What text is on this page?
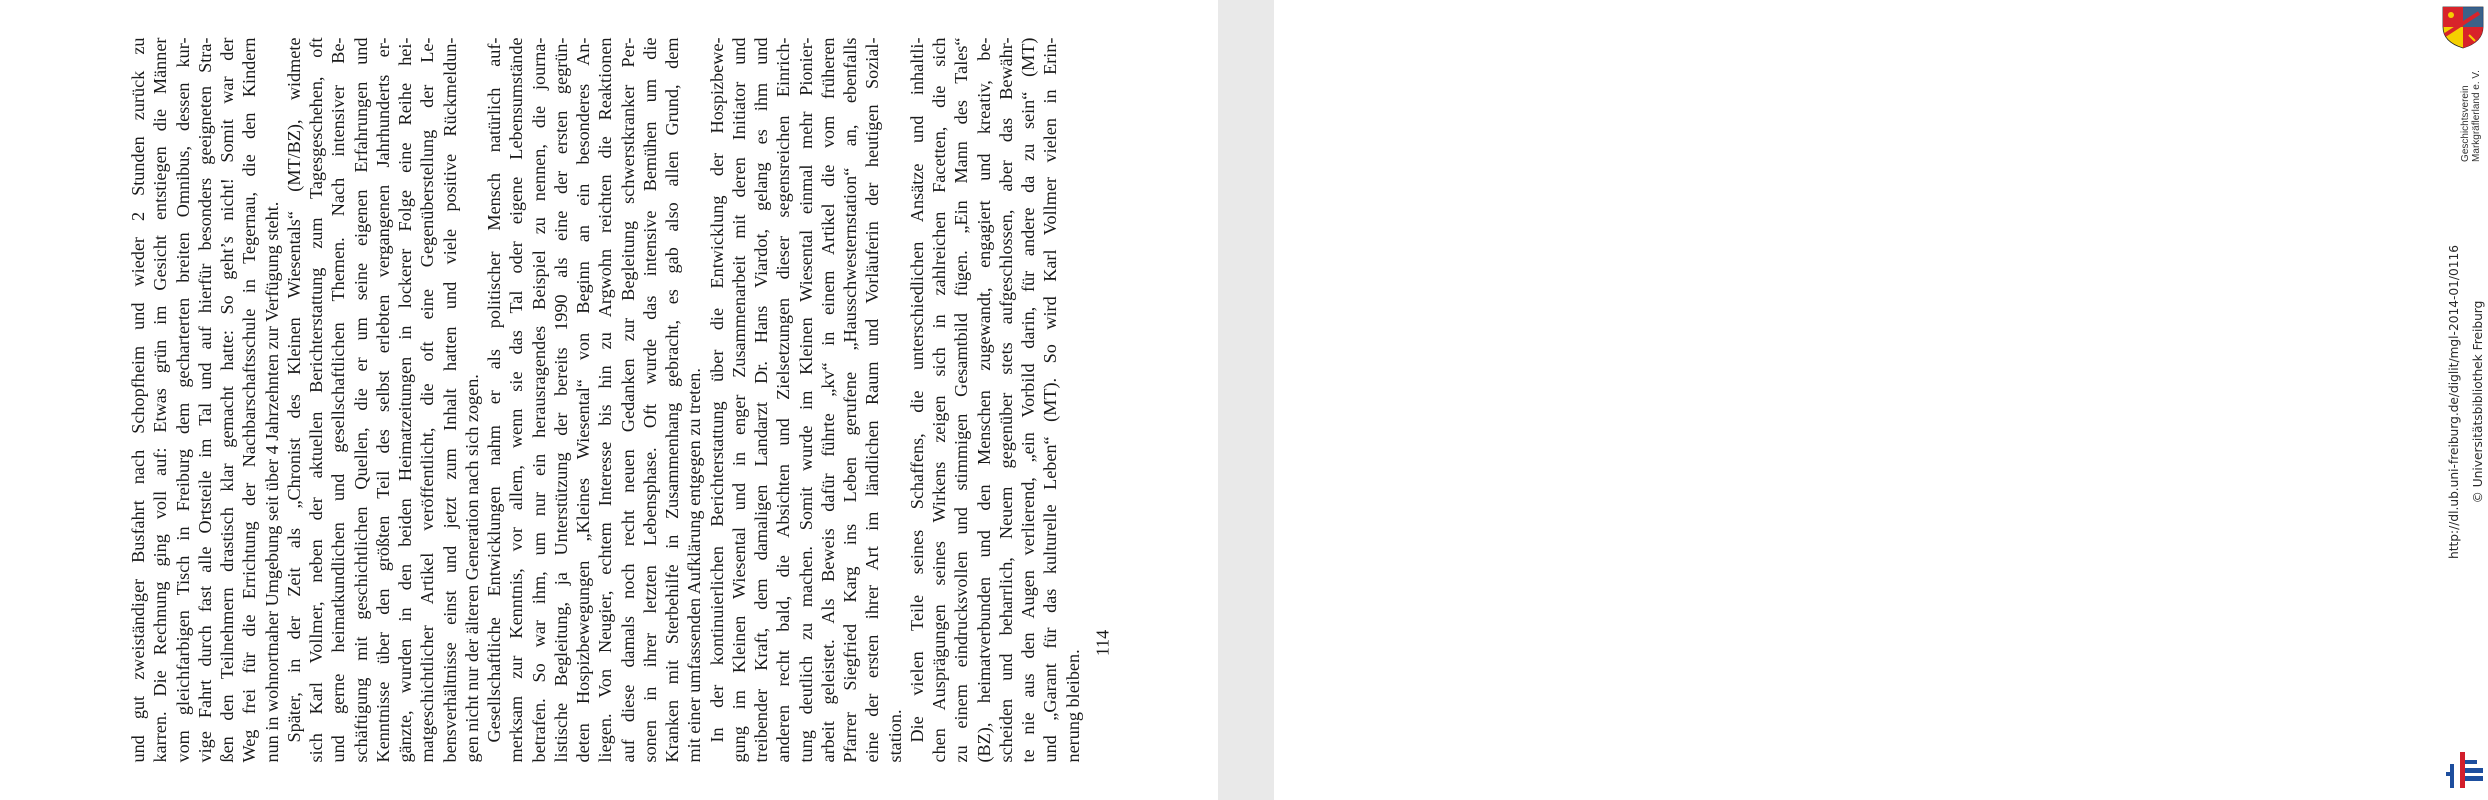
und gut zweiständiger Busfahrt nach Schopfheim und wieder 2 Stunden zurück zu karren. Die Rechnung ging voll auf: Etwas grün im Gesicht entstiegen die Männer vom gleichfarbigen Tisch in Freiburg dem gecharterten breiten Omnibus, dessen kur- vige Fahrt durch fast alle Ortsteile im Tal und auf hierfür besonders geeigneten Stra- ßen den Teilnehmern drastisch klar gemacht hatte: So geht’s nicht! Somit war der Weg frei für die Errichtung der Nachbarschaftsschule in Tegernau, die den Kindern nun in wohnortnaher Umgebung seit über 4 Jahrzehnten zur Verfügung steht. Später, in der Zeit als „Chronist des Kleinen Wiesentals“ (MT/BZ), widmete sich Karl Vollmer, neben der aktuellen Berichterstattung zum Tagesgeschehen, oft und gerne heimatkundlichen und gesellschaftlichen Themen. Nach intensiver Be- schäftigung mit geschichtlichen Quellen, die er um seine eigenen Erfahrungen und Kenntnisse über den größten Teil des selbst erlebten vergangenen Jahrhunderts er- gänzte, wurden in den beiden Heimatzeitungen in lockerer Folge eine Reihe hei- matgeschichtlicher Artikel veröffentlicht, die oft eine Gegenüberstellung der Le- bensverhältnisse einst und jetzt zum Inhalt hatten und viele positive Rückmeldun- gen nicht nur der älteren Generation nach sich zogen. Gesellschaftliche Entwicklungen nahm er als politischer Mensch natürlich auf- merksam zur Kenntnis, vor allem, wenn sie das Tal oder eigene Lebensumstände betrafen. So war ihm, um nur ein herausragendes Beispiel zu nennen, die journa- listische Begleitung, ja Unterstützung der bereits 1990 als eine der ersten gegrün- deten Hospizbewegungen „Kleines Wiesental“ von Beginn an ein besonderes An- liegen. Von Neugier, echtem Interesse bis hin zu Argwohn reichten die Reaktionen auf diese damals noch recht neuen Gedanken zur Begleitung schwerstkranker Per- sonen in ihrer letzten Lebensphase. Oft wurde das intensive Bemühen um die Kranken mit Sterbehilfe in Zusammenhang gebracht, es gab also allen Grund, dem mit einer umfassenden Aufklärung entgegen zu treten. In der kontinuierlichen Berichterstattung über die Entwicklung der Hospizbewe- gung im Kleinen Wiesental und in enger Zusammenarbeit mit deren Initiator und treibender Kraft, dem damaligen Landarzt Dr. Hans Viardot, gelang es ihm und anderen recht bald, die Absichten und Zielsetzungen dieser segensreichen Einrich- tung deutlich zu machen. Somit wurde im Kleinen Wiesental einmal mehr Pionier- arbeit geleistet. Als Beweis dafür führte „kv“ in einem Artikel die vom früheren Pfarrer Siegfried Karg ins Leben gerufene „Hausschwesternstation“ an, ebenfalls eine der ersten ihrer Art im ländlichen Raum und Vorläuferin der heutigen Sozial- station. Die vielen Teile seines Schaffens, die unterschiedlichen Ansätze und inhaltli- chen Ausprägungen seines Wirkens zeigen sich in zahlreichen Facetten, die sich zu einem eindrucksvollen und stimmigen Gesamtbild fügen. „Ein Mann des Tales“ (BZ), heimatverbunden und den Menschen zugewandt, engagiert und kreativ, be- scheiden und beharrlich, Neuem gegenüber stets aufgeschlossen, aber das Bewähr- te nie aus den Augen verlierend, „ein Vorbild darin, für andere da zu sein“ (MT) und „Garant für das kulturelle Leben“ (MT). So wird Karl Vollmer vielen in Erin- nerung bleiben.
114
Geschichtsverein Markgräflerland e. V.
http://dl.ub.uni-freiburg.de/diglit/mgl-2014-01/0116 © Universitätsbibliothek Freiburg
